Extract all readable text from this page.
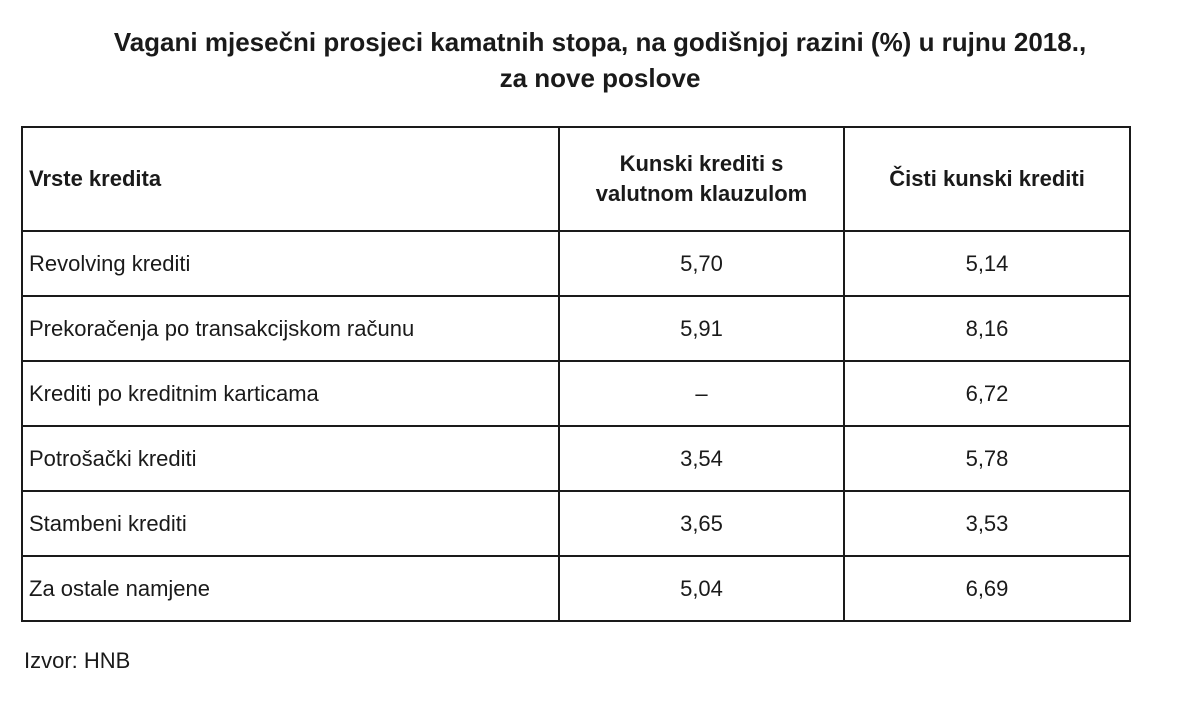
Vagani mjesečni prosjeci kamatnih stopa, na godišnjoj razini (%) u rujnu 2018.,
za nove poslove
Vrste kredita	Kunski krediti s valutnom klauzulom	Čisti kunski krediti
Revolving krediti	5,70	5,14
Prekoračenja po transakcijskom računu	5,91	8,16
Krediti po kreditnim karticama	–	6,72
Potrošački krediti	3,54	5,78
Stambeni krediti	3,65	3,53
Za ostale namjene	5,04	6,69
Izvor: HNB
